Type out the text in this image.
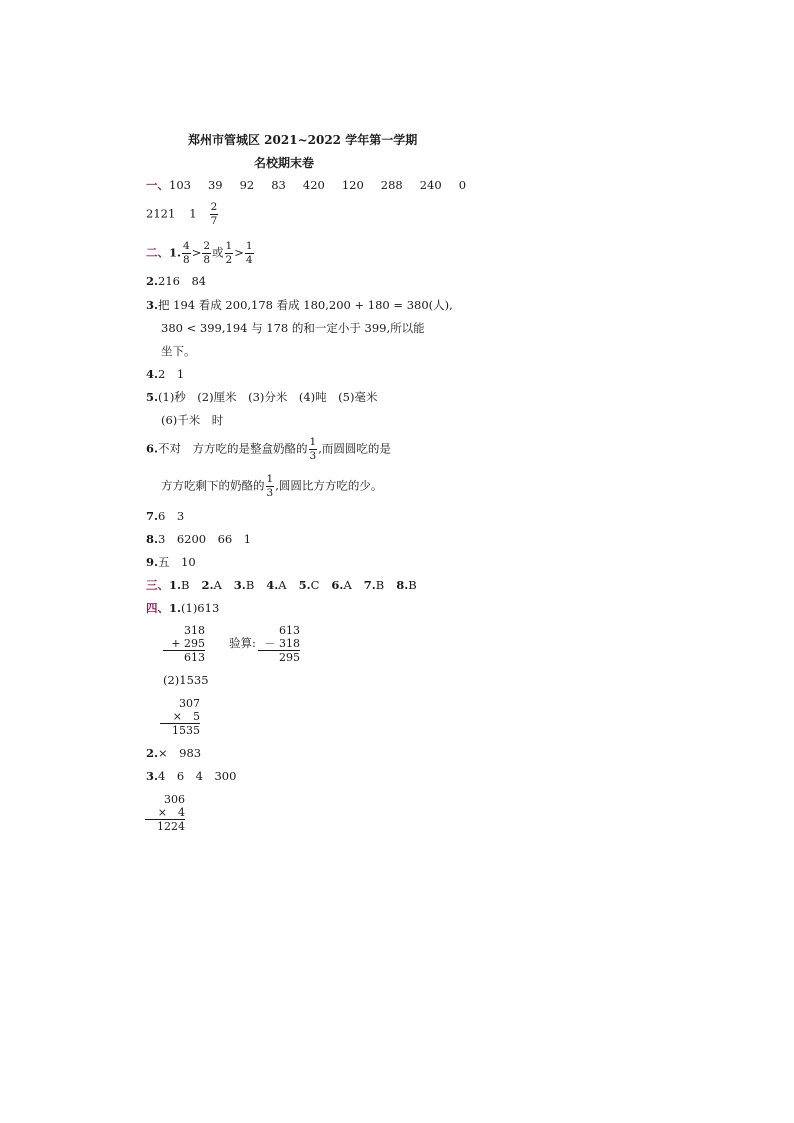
郑州市管城区 2021~2022 学年第一学期
名校期末卷
一、103 39 92 83 420 120 288 240 0
2121 $1 \frac{2}{7}$
二、1. $\frac{4}{8} > \frac{2}{8}$ 或 $\frac{1}{2} > \frac{1}{4}$
2.216　84
3.把 194 看成 200,178 看成 180,200 + 180 = 380(人),
380 < 399,194 与 178 的和一定小于 399,所以能
坐下。
4.2　1
5.(1)秒　(2)厘米　(3)分米　(4)吨　(5)毫米
(6)千米　时
6.不对　方方吃的是整盒奶酪的 $\frac{1}{3}$ ,而圆圆吃的是
方方吃剩下的奶酪的 $\frac{1}{3}$ ,圆圆比方方吃的少。
7.6　3
8.3　6200　66　1
9.五　10
三、1.B 2.A 3.B 4.A 5.C 6.A 7.B 8.B
四、1.(1)613
318
+ 295
613
验算:
613
－ 318
295
(2)1535
307
×　5
1535
2.×　983
3.4　6　4　300
306
×　4
1224
